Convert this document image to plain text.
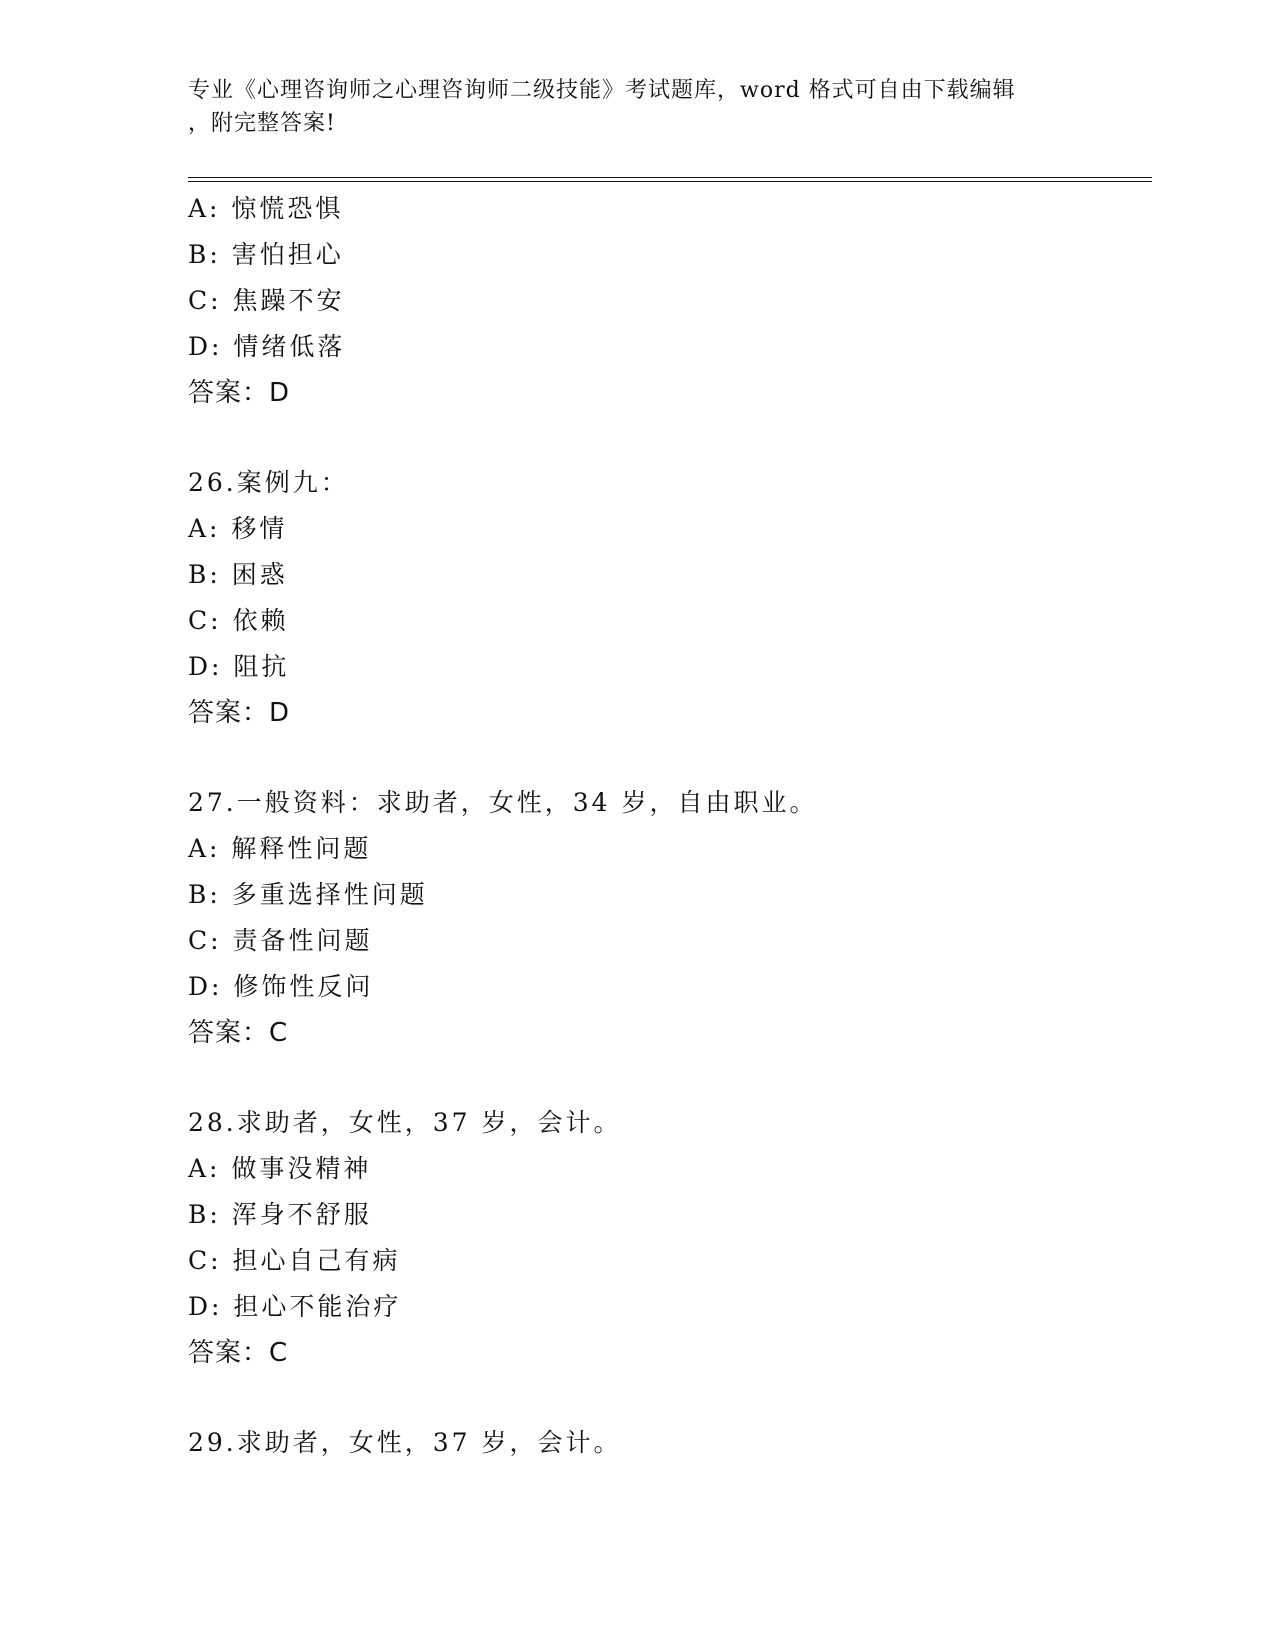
专业《心理咨询师之心理咨询师二级技能》考试题库，word 格式可自由下载编辑
，附完整答案!

A: 惊慌恐惧

B: 害怕担心

C: 焦躁不安

D: 情绪低落

答案：D

26.案例九：

A: 移情

B: 困惑

C: 依赖

D: 阻抗

答案：D

27.一般资料：求助者，女性，34 岁，自由职业。

A: 解释性问题

B: 多重选择性问题

C: 责备性问题

D: 修饰性反问

答案：C

28.求助者，女性，37 岁，会计。

A: 做事没精神

B: 浑身不舒服

C: 担心自己有病

D: 担心不能治疗

答案：C

29.求助者，女性，37 岁，会计。
